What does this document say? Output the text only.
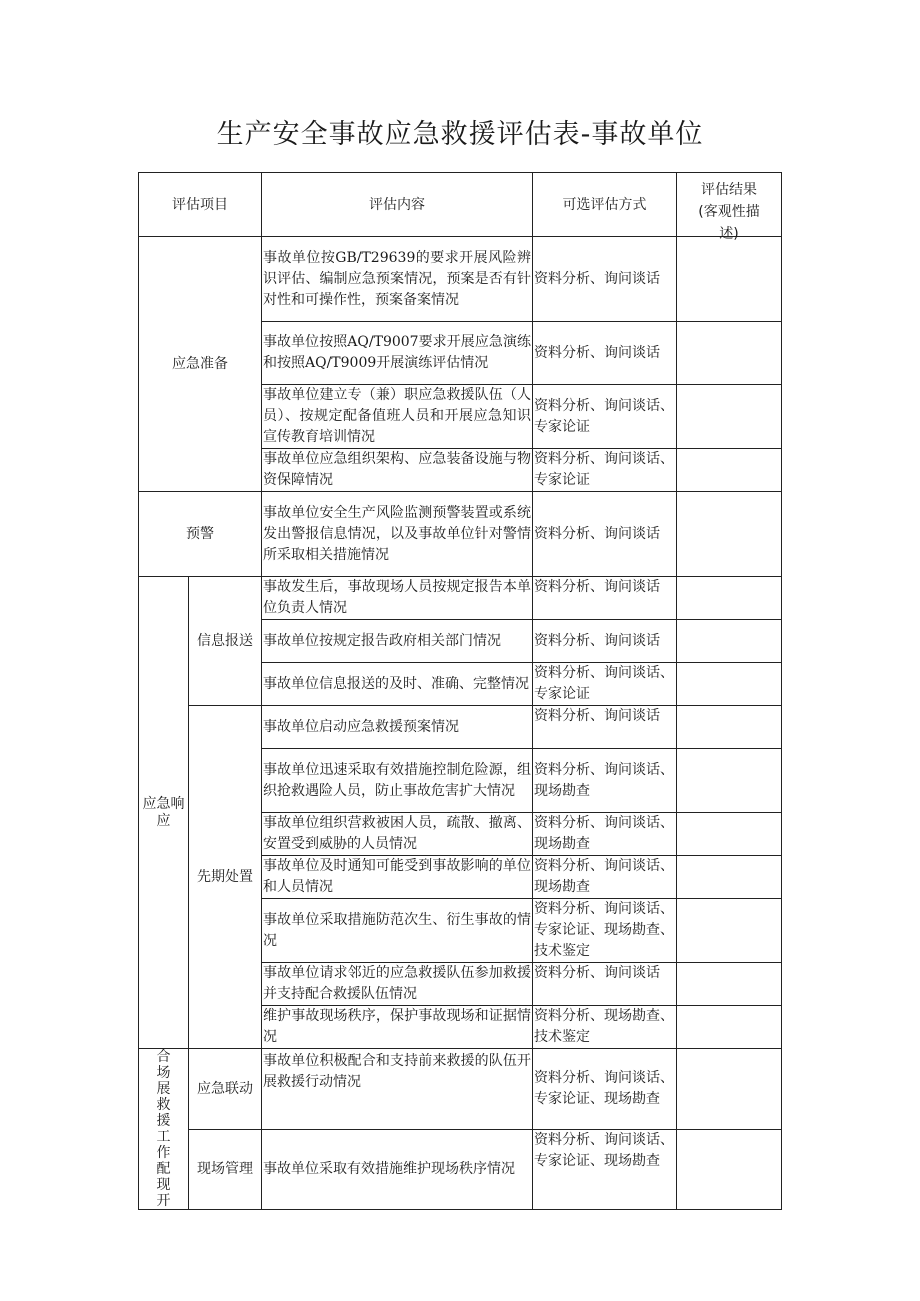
生产安全事故应急救援评估表-事故单位
评估项目		评估内容	可选评估方式	评估结果
(客观性描
述)

应急准备		事故单位按GB/T29639的要求开展风险辨识评估、编制应急预案情况，预案是否有针对性和可操作性，预案备案情况	资料分析、询问谈话	
		事故单位按照AQ/T9007要求开展应急演练和按照AQ/T9009开展演练评估情况	资料分析、询问谈话	
		事故单位建立专（兼）职应急救援队伍（人员）、按规定配备值班人员和开展应急知识宣传教育培训情况	资料分析、询问谈话、专家论证	
		事故单位应急组织架构、应急装备设施与物资保障情况	资料分析、询问谈话、专家论证	
预警		事故单位安全生产风险监测预警装置或系统发出警报信息情况，以及事故单位针对警情所采取相关措施情况	资料分析、询问谈话	
应急响应	信息报送	事故发生后，事故现场人员按规定报告本单位负责人情况	资料分析、询问谈话	
		事故单位按规定报告政府相关部门情况	资料分析、询问谈话	
		事故单位信息报送的及时、准确、完整情况	资料分析、询问谈话、专家论证	
	先期处置	事故单位启动应急救援预案情况	资料分析、询问谈话	
		事故单位迅速采取有效措施控制危险源，组织抢救遇险人员，防止事故危害扩大情况	资料分析、询问谈话、现场勘查	
		事故单位组织营救被困人员，疏散、撤离、安置受到威胁的人员情况	资料分析、询问谈话、现场勘查	
		事故单位及时通知可能受到事故影响的单位和人员情况	资料分析、询问谈话、现场勘查	
		事故单位采取措施防范次生、衍生事故的情况	资料分析、询问谈话、专家论证、现场勘查、技术鉴定	
		事故单位请求邻近的应急救援队伍参加救援并支持配合救援队伍情况	资料分析、询问谈话	
		维护事故现场秩序，保护事故现场和证据情况	资料分析、现场勘查、技术鉴定	

合场展救援工作配现开	应急联动	事故单位积极配合和支持前来救援的队伍开展救援行动情况	资料分析、询问谈话、专家论证、现场勘查	
	现场管理	事故单位采取有效措施维护现场秩序情况	资料分析、询问谈话、专家论证、现场勘查	
